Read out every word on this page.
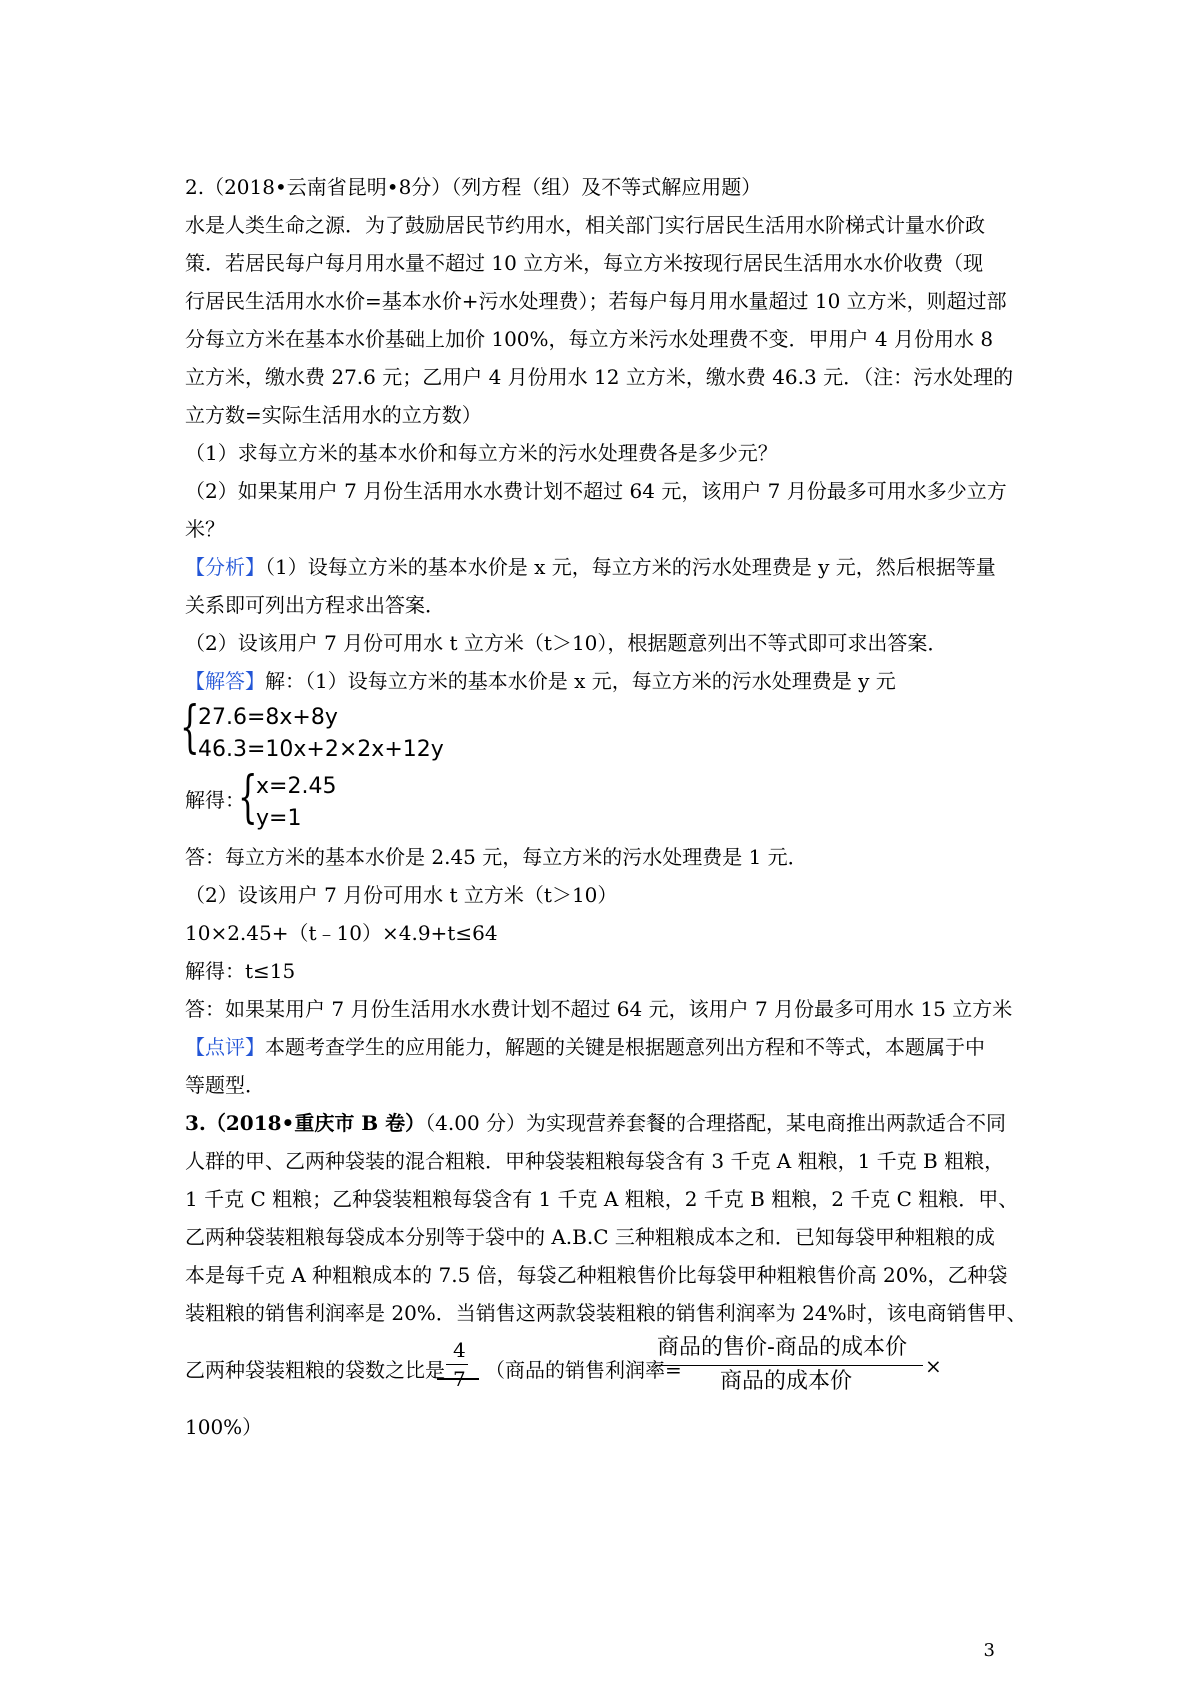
2.（2018•云南省昆明•8分）（列方程（组）及不等式解应用题）
水是人类生命之源．为了鼓励居民节约用水，相关部门实行居民生活用水阶梯式计量水价政
策．若居民每户每月用水量不超过 10 立方米，每立方米按现行居民生活用水水价收费（现
行居民生活用水水价=基本水价+污水处理费）；若每户每月用水量超过 10 立方米，则超过部
分每立方米在基本水价基础上加价 100%，每立方米污水处理费不变．甲用户 4 月份用水 8
立方米，缴水费 27.6 元；乙用户 4 月份用水 12 立方米，缴水费 46.3 元．（注：污水处理的
立方数=实际生活用水的立方数）
（1）求每立方米的基本水价和每立方米的污水处理费各是多少元？
（2）如果某用户 7 月份生活用水水费计划不超过 64 元，该用户 7 月份最多可用水多少立方
米？
【分析】（1）设每立方米的基本水价是 x 元，每立方米的污水处理费是 y 元，然后根据等量
关系即可列出方程求出答案．
（2）设该用户 7 月份可用水 t 立方米（t＞10），根据题意列出不等式即可求出答案．
【解答】解：（1）设每立方米的基本水价是 x 元，每立方米的污水处理费是 y 元
{
27.6=8x+8y
46.3=10x+2×2x+12y
解得：
{
x=2.45
y=1
答：每立方米的基本水价是 2.45 元，每立方米的污水处理费是 1 元．
（2）设该用户 7 月份可用水 t 立方米（t＞10）
10×2.45+（t﹣10）×4.9+t≤64
解得：t≤15
答：如果某用户 7 月份生活用水水费计划不超过 64 元，该用户 7 月份最多可用水 15 立方米
【点评】本题考查学生的应用能力，解题的关键是根据题意列出方程和不等式，本题属于中
等题型．
3.（2018•重庆市 B 卷）（4.00 分）为实现营养套餐的合理搭配，某电商推出两款适合不同
人群的甲、乙两种袋装的混合粗粮．甲种袋装粗粮每袋含有 3 千克 A 粗粮，1 千克 B 粗粮，
1 千克 C 粗粮；乙种袋装粗粮每袋含有 1 千克 A 粗粮，2 千克 B 粗粮，2 千克 C 粗粮．甲、
乙两种袋装粗粮每袋成本分别等于袋中的 A.B.C 三种粗粮成本之和．已知每袋甲种粗粮的成
本是每千克 A 种粗粮成本的 7.5 倍，每袋乙种粗粮售价比每袋甲种粗粮售价高 20%，乙种袋
装粗粮的销售利润率是 20%．当销售这两款袋装粗粮的销售利润率为 24%时，该电商销售甲、
乙两种袋装粗粮的袋数之比是
4
7 （商品的销售利润率=
商品的售价-商品的成本价
商品的成本价
×
100%）
3
